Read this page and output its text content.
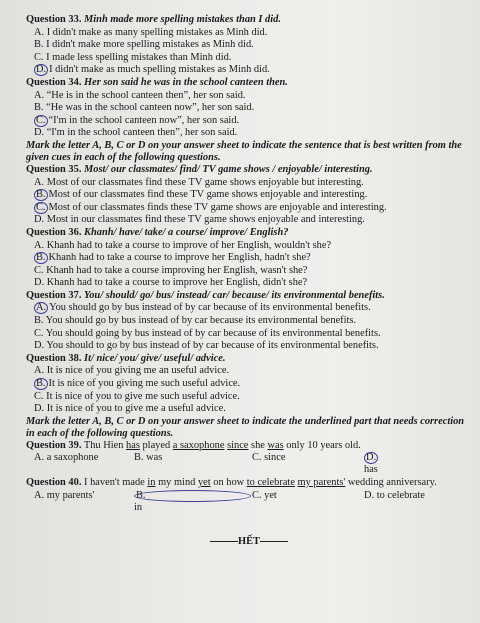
Question 33. Minh made more spelling mistakes than I did.
A. I didn't make as many spelling mistakes as Minh did.
B. I didn't make more spelling mistakes as Minh did.
C. I made less spelling mistakes than Minh did.
D. I didn't make as much spelling mistakes as Minh did.
Question 34. Her son said he was in the school canteen then.
A. “He is in the school canteen then”, her son said.
B. “He was in the school canteen now”, her son said.
C. “I'm in the school canteen now”, her son said.
D. “I'm in the school canteen then”, her son said.
Mark the letter A, B, C or D on your answer sheet to indicate the sentence that is best written from the given cues in each of the following questions.
Question 35. Most/ our classmates/ find/ TV game shows / enjoyable/ interesting.
A. Most of our classmates find these TV game shows enjoyable but interesting.
B. Most of our classmates find these TV game shows enjoyable and interesting.
C. Most of our classmates finds these TV game shows are enjoyable and interesting.
D. Most in our classmates find these TV game shows enjoyable and interesting.
Question 36. Khanh/ have/ take/ a course/ improve/ English?
A. Khanh had to take a course to improve of her English, wouldn't she?
B. Khanh had to take a course to improve her English, hadn't she?
C. Khanh had to take a course improving her English, wasn't she?
D. Khanh had to take a course to improve her English, didn't she?
Question 37. You/ should/ go/ bus/ instead/ car/ because/ its environmental benefits.
A. You should go by bus instead of by car because of its environmental benefits.
B. You should go by bus instead of by car because its environmental benefits.
C. You should going by bus instead of by car because of its environmental benefits.
D. You should to go by bus instead of by car because of its environmental benefits.
Question 38. It/ nice/ you/ give/ useful/ advice.
A. It is nice of you giving me an useful advice.
B. It is nice of you giving me such useful advice.
C. It is nice of you to give me such useful advice.
D. It is nice of you to give me a useful advice.
Mark the letter A, B, C or D on your answer sheet to indicate the underlined part that needs correction in each of the following questions.
Question 39. Thu Hien has played a saxophone since she was only 10 years old.
A. a saxophone	B. was	C. since	D.
has
Question 40. I haven't made in my mind yet on how to celebrate my parents' wedding anniversary.
A. my parents'	B.
in
C. yet	D. to celebrate
HẾT
